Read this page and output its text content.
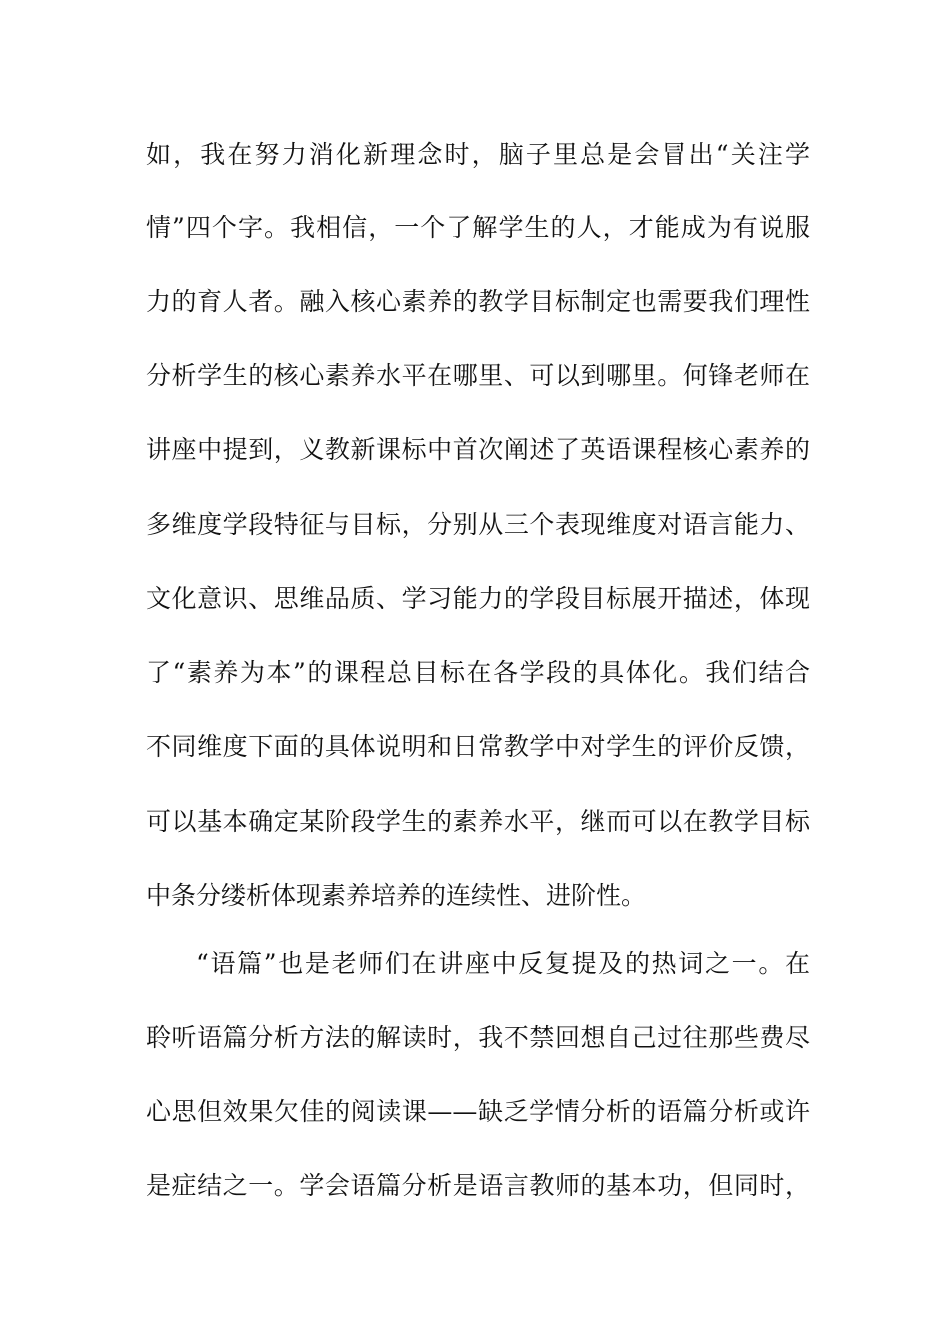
如，我在努力消化新理念时，脑子里总是会冒出“关注学
情”四个字。我相信，一个了解学生的人，才能成为有说服
力的育人者。融入核心素养的教学目标制定也需要我们理性
分析学生的核心素养水平在哪里、可以到哪里。何锋老师在
讲座中提到，义教新课标中首次阐述了英语课程核心素养的
多维度学段特征与目标，分别从三个表现维度对语言能力、
文化意识、思维品质、学习能力的学段目标展开描述，体现
了“素养为本”的课程总目标在各学段的具体化。我们结合
不同维度下面的具体说明和日常教学中对学生的评价反馈，
可以基本确定某阶段学生的素养水平，继而可以在教学目标
中条分缕析体现素养培养的连续性、进阶性。
“语篇”也是老师们在讲座中反复提及的热词之一。在
聆听语篇分析方法的解读时，我不禁回想自己过往那些费尽
心思但效果欠佳的阅读课——缺乏学情分析的语篇分析或许
是症结之一。学会语篇分析是语言教师的基本功，但同时，
